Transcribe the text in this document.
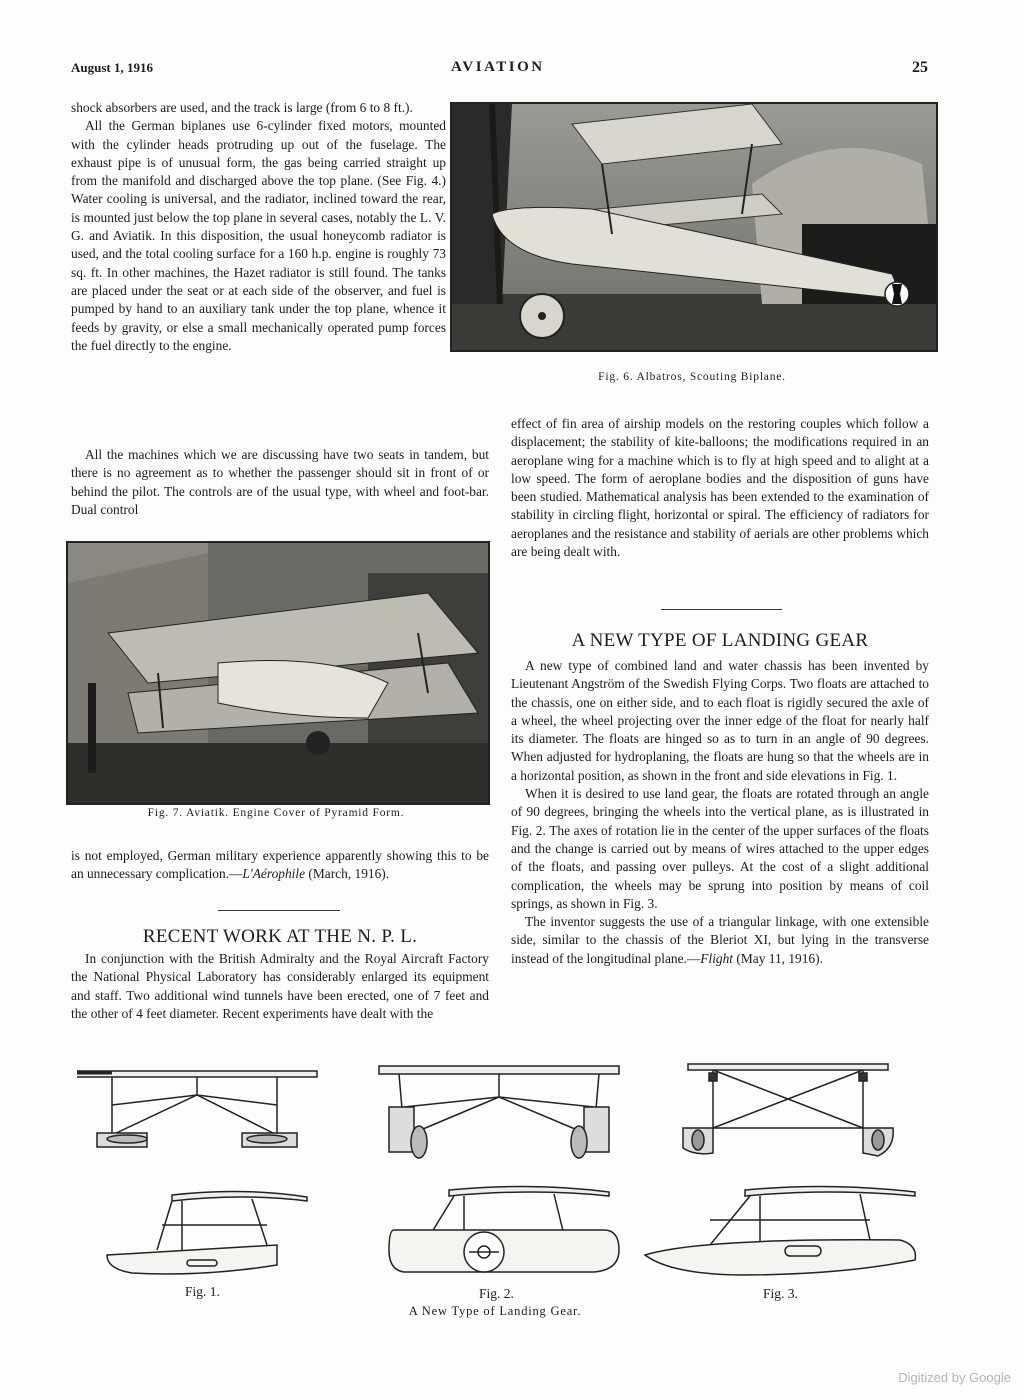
August 1, 1916	AVIATION	25

shock absorbers are used, and the track is large (from 6 to 8 ft.).

All the German biplanes use 6-cylinder fixed motors, mounted with the cylinder heads protruding up out of the fuselage. The exhaust pipe is of unusual form, the gas being carried straight up from the manifold and discharged above the top plane. (See Fig. 4.) Water cooling is universal, and the radiator, inclined toward the rear, is mounted just below the top plane in several cases, notably the L. V. G. and Aviatik. In this disposition, the usual honeycomb radiator is used, and the total cooling surface for a 160 h.p. engine is roughly 73 sq. ft. In other machines, the Hazet radiator is still found. The tanks are placed under the seat or at each side of the observer, and fuel is pumped by hand to an auxiliary tank under the top plane, whence it feeds by gravity, or else a small mechanically operated pump forces the fuel directly to the engine.

All the machines which we are discussing have two seats in tandem, but there is no agreement as to whether the passenger should sit in front of or behind the pilot. The controls are of the usual type, with wheel and foot-bar. Dual control

Fig. 6. Albatros, Scouting Biplane.
Fig. 7. Aviatik. Engine Cover of Pyramid Form.

is not employed, German military experience apparently showing this to be an unnecessary complication.—L'Aérophile (March, 1916).

RECENT WORK AT THE N. P. L.

In conjunction with the British Admiralty and the Royal Aircraft Factory the National Physical Laboratory has considerably enlarged its equipment and staff. Two additional wind tunnels have been erected, one of 7 feet and the other of 4 feet diameter. Recent experiments have dealt with the

effect of fin area of airship models on the restoring couples which follow a displacement; the stability of kite-balloons; the modifications required in an aeroplane wing for a machine which is to fly at high speed and to alight at a low speed. The form of aeroplane bodies and the disposition of guns have been studied. Mathematical analysis has been extended to the examination of stability in circling flight, horizontal or spiral. The efficiency of radiators for aeroplanes and the resistance and stability of aerials are other problems which are being dealt with.

A NEW TYPE OF LANDING GEAR

A new type of combined land and water chassis has been invented by Lieutenant Angström of the Swedish Flying Corps. Two floats are attached to the chassis, one on either side, and to each float is rigidly secured the axle of a wheel, the wheel projecting over the inner edge of the float for nearly half its diameter. The floats are hinged so as to turn in an angle of 90 degrees. When adjusted for hydroplaning, the floats are hung so that the wheels are in a horizontal position, as shown in the front and side elevations in Fig. 1.

When it is desired to use land gear, the floats are rotated through an angle of 90 degrees, bringing the wheels into the vertical plane, as is illustrated in Fig. 2. The axes of rotation lie in the center of the upper surfaces of the floats and the change is carried out by means of wires attached to the upper edges of the floats, and passing over pulleys. At the cost of a slight additional complication, the wheels may be sprung into position by means of coil springs, as shown in Fig. 3.

The inventor suggests the use of a triangular linkage, with one extensible side, similar to the chassis of the Bleriot XI, but lying in the transverse instead of the longitudinal plane.—Flight (May 11, 1916).

Fig. 1.	Fig. 2.	Fig. 3.
A New Type of Landing Gear.
Digitized by Google
